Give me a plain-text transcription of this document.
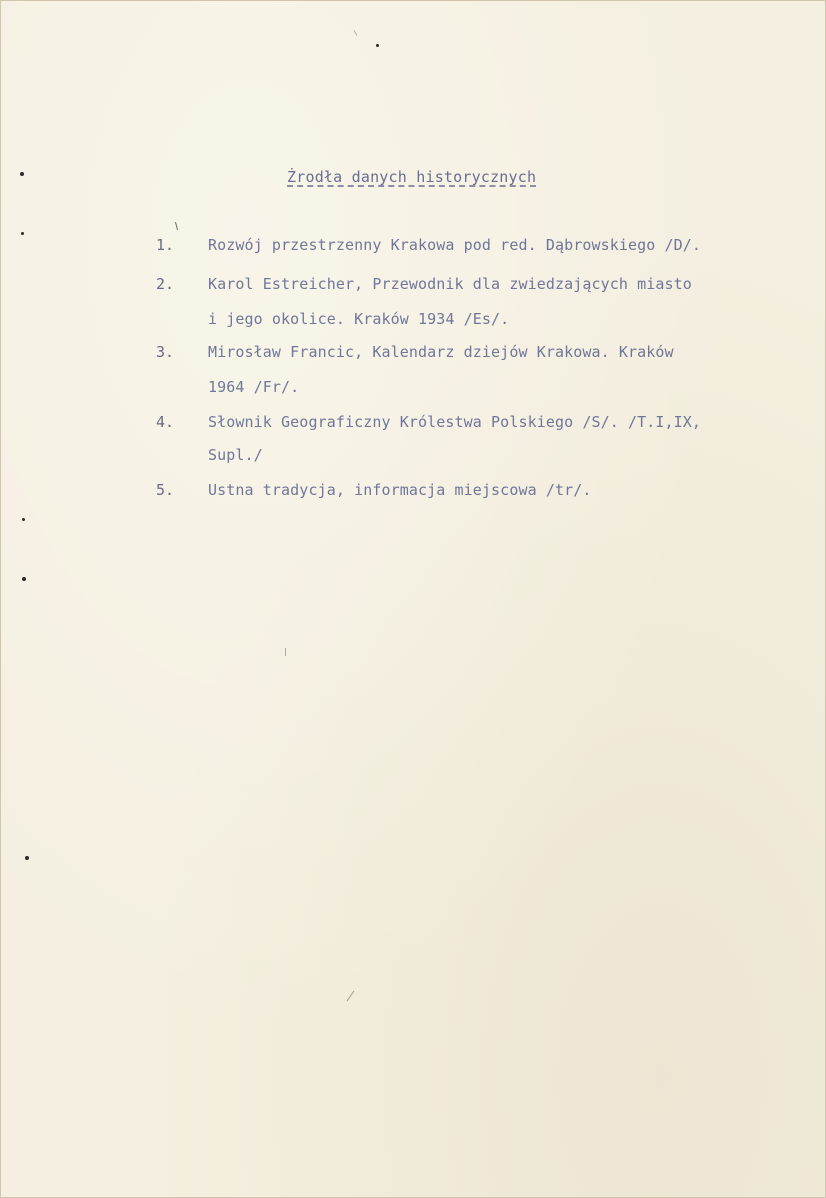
Żrodła danych historycznych
1. Rozwój przestrzenny Krakowa pod red. Dąbrowskiego /D/.
2. Karol Estreicher, Przewodnik dla zwiedzających miasto
i jego okolice. Kraków 1934 /Es/.
3. Mirosław Francic, Kalendarz dziejów Krakowa. Kraków
1964 /Fr/.
4. Słownik Geograficzny Królestwa Polskiego /S/. /T.I,IX,
Supl./
5. Ustna tradycja, informacja miejscowa /tr/.
